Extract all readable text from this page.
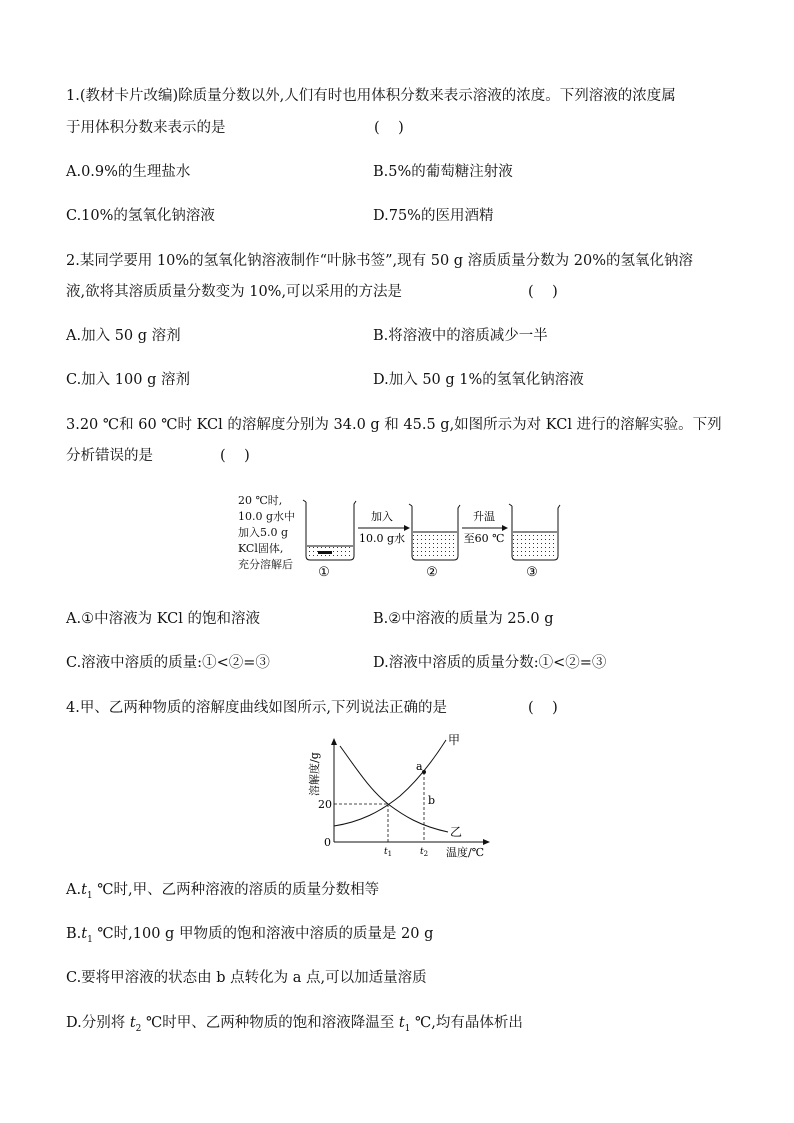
1.(教材卡片改编)除质量分数以外,人们有时也用体积分数来表示溶液的浓度。下列溶液的浓度属
于用体积分数来表示的是	(    )
A.0.9%的生理盐水	B.5%的葡萄糖注射液
C.10%的氢氧化钠溶液	D.75%的医用酒精
2.某同学要用 10%的氢氧化钠溶液制作“叶脉书签”,现有 50 g 溶质质量分数为 20%的氢氧化钠溶
液,欲将其溶质质量分数变为 10%,可以采用的方法是	(    )
A.加入 50 g 溶剂	B.将溶液中的溶质减少一半
C.加入 100 g 溶剂	D.加入 50 g 1%的氢氧化钠溶液
3.20 ℃和 60 ℃时 KCl 的溶解度分别为 34.0 g 和 45.5 g,如图所示为对 KCl 进行的溶解实验。下列
分析错误的是	(    )
20 ℃时,
10.0 g水中
加入5.0 g
KCl固体,
充分溶解后
①
加入
10.0 g水
②
升温
至60 ℃
③
A.①中溶液为 KCl 的饱和溶液	B.②中溶液的质量为 25.0 g
C.溶液中溶质的质量:①<②=③	D.溶液中溶质的质量分数:①<②=③
4.甲、乙两种物质的溶解度曲线如图所示,下列说法正确的是	(    )
溶解度/g
甲
乙
a
b
20
0
$t_1$	$t_2$ 温度/℃
$A.t_1$ ℃时,甲、乙两种溶液的溶质的质量分数相等
$B.t_1$ ℃时,100 g 甲物质的饱和溶液中溶质的质量是 20 g
C.要将甲溶液的状态由 b 点转化为 a 点,可以加适量溶质
D.分别将 $t_2$ ℃时甲、乙两种物质的饱和溶液降温至 $t_1$ ℃,均有晶体析出
